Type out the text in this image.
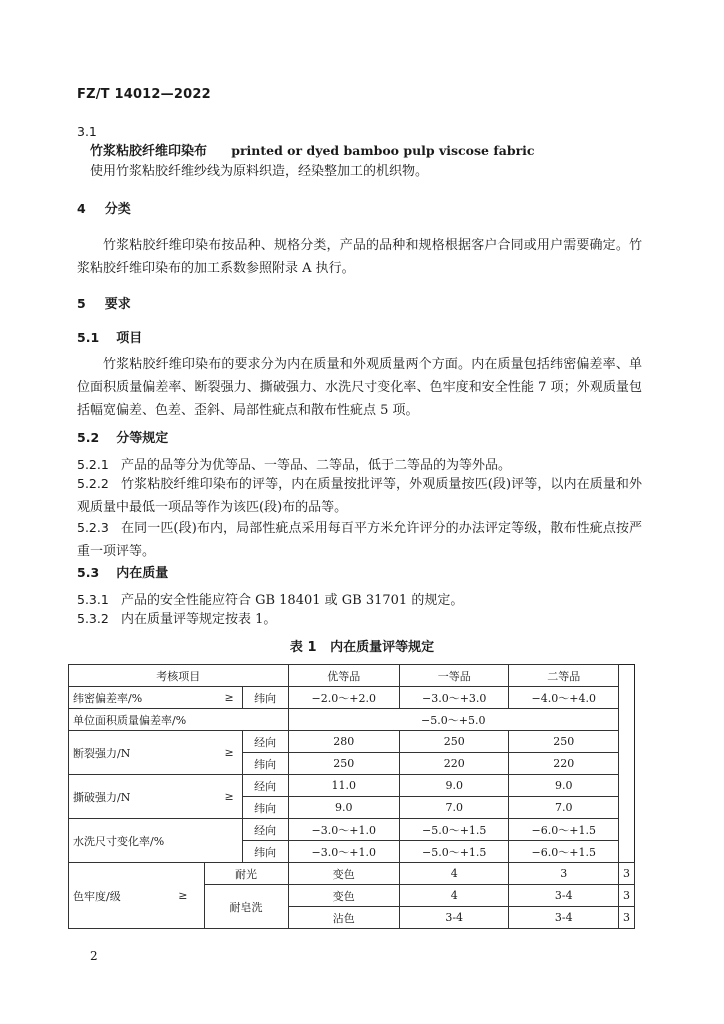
FZ/T 14012—2022
3.1
竹浆粘胶纤维印染布 printed or dyed bamboo pulp viscose fabric
使用竹浆粘胶纤维纱线为原料织造，经染整加工的机织物。
4 分类
竹浆粘胶纤维印染布按品种、规格分类，产品的品种和规格根据客户合同或用户需要确定。竹浆粘胶纤维印染布的加工系数参照附录 A 执行。
5 要求
5.1 项目
竹浆粘胶纤维印染布的要求分为内在质量和外观质量两个方面。内在质量包括纬密偏差率、单位面积质量偏差率、断裂强力、撕破强力、水洗尺寸变化率、色牢度和安全性能 7 项；外观质量包括幅宽偏差、色差、歪斜、局部性疵点和散布性疵点 5 项。
5.2 分等规定
5.2.1 产品的品等分为优等品、一等品、二等品，低于二等品的为等外品。
5.2.2 竹浆粘胶纤维印染布的评等，内在质量按批评等，外观质量按匹(段)评等，以内在质量和外观质量中最低一项品等作为该匹(段)布的品等。
5.2.3 在同一匹(段)布内，局部性疵点采用每百平方米允许评分的办法评定等级，散布性疵点按严重一项评等。
5.3 内在质量
5.3.1 产品的安全性能应符合 GB 18401 或 GB 31701 的规定。
5.3.2 内在质量评等规定按表 1。
表 1   内在质量评等规定
考核项目				优等品	一等品	二等品	
纬密偏差率/%		≥	纬向	−2.0～+2.0	−3.0～+3.0	−4.0～+4.0	
单位面积质量偏差率/%				−5.0～+5.0			
断裂强力/N		≥	经向	280	250	250	
			纬向	250	220	220	
撕破强力/N		≥	经向	11.0	9.0	9.0	
			纬向	9.0	7.0	7.0	
水洗尺寸变化率/%			经向	−3.0～+1.0	−5.0～+1.5	−6.0～+1.5	
			纬向	−3.0～+1.0	−5.0～+1.5	−6.0～+1.5	
色牢度/级	≥	耐光		变色	4	3	3
		耐皂洗		变色	4	3-4	3
				沾色	3-4	3-4	3
2
